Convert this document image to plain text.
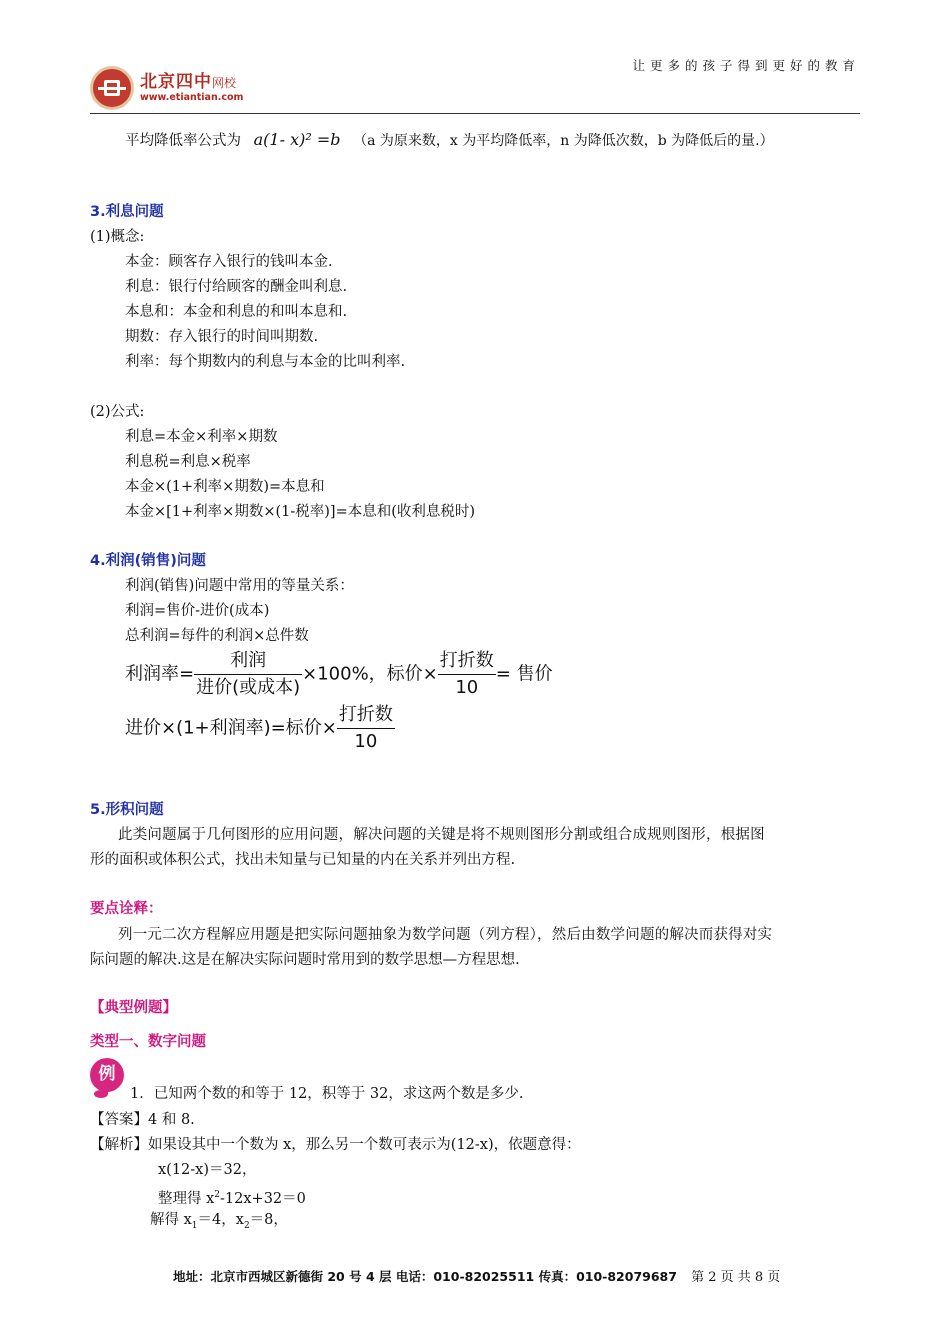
北京四中网校
www.etiantian.com
让更多的孩子得到更好的教育
平均降低率公式为 a(1- x)² =b （a 为原来数，x 为平均降低率，n 为降低次数，b 为降低后的量.）
3.利息问题
(1)概念:
本金：顾客存入银行的钱叫本金.
利息：银行付给顾客的酬金叫利息.
本息和：本金和利息的和叫本息和.
期数：存入银行的时间叫期数.
利率：每个期数内的利息与本金的比叫利率.
(2)公式:
利息=本金×利率×期数
利息税=利息×税率
本金×(1+利率×期数)=本息和
本金×[1+利率×期数×(1-税率)]=本息和(收利息税时)
4.利润(销售)问题
利润(销售)问题中常用的等量关系：
利润=售价-进价(成本)
总利润=每件的利润×总件数
利润率= $\frac{\text{利润}}{\text{进价(或成本)}} \times 100\%$，标价× $\frac{\text{打折数}}{10}$ = 售价
进价×(1+利润率)=标价× $\frac{\text{打折数}}{10}$
5.形积问题
此类问题属于几何图形的应用问题，解决问题的关键是将不规则图形分割或组合成规则图形，根据图
形的面积或体积公式，找出未知量与已知量的内在关系并列出方程.
要点诠释：
列一元二次方程解应用题是把实际问题抽象为数学问题（列方程），然后由数学问题的解决而获得对实
际问题的解决.这是在解决实际问题时常用到的数学思想—方程思想.
【典型例题】
类型一、数字问题
例
1．已知两个数的和等于 12，积等于 32，求这两个数是多少.
【答案】4 和 8.
【解析】如果设其中一个数为 x，那么另一个数可表示为(12-x)，依题意得：
x(12-x)＝32，
整理得 $x^2-12x+32=0$
解得 $x_1=4$，$x_2=8$，
地址：北京市西城区新德街 20 号 4 层 电话：010-82025511 传真：010-82079687 第 2 页 共 8 页
